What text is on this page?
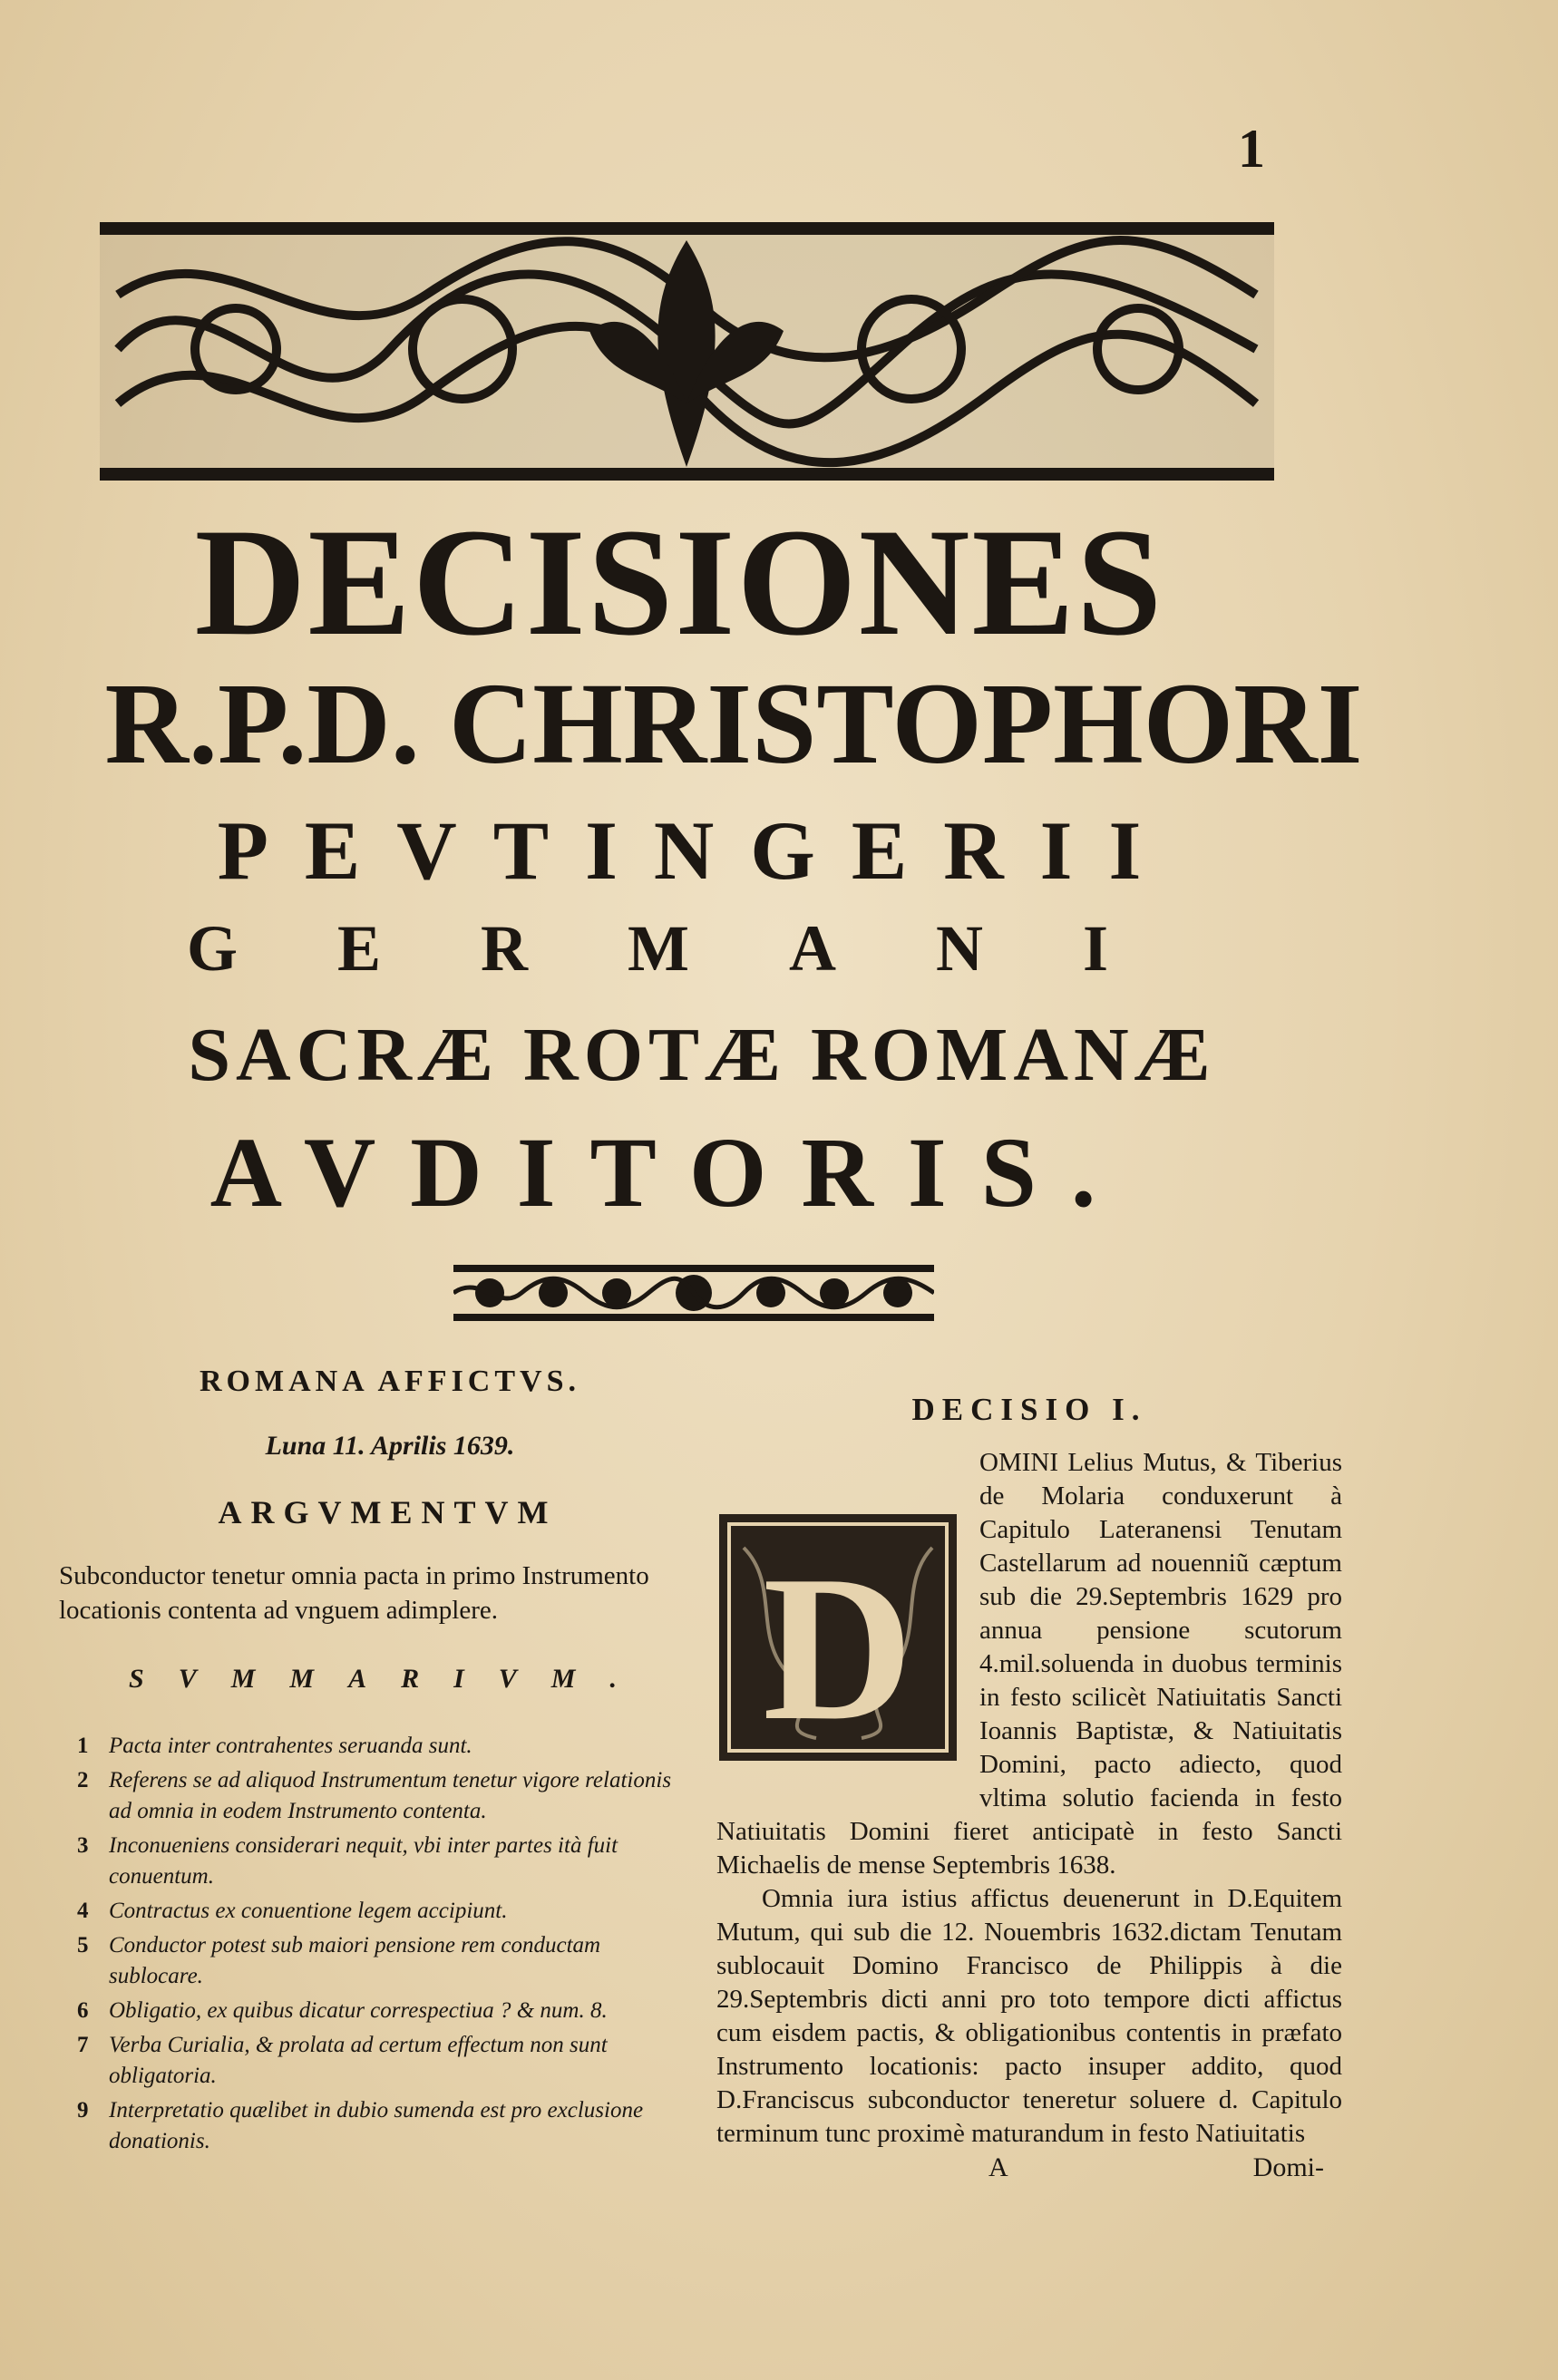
1
DECISIONES
R.P.D. CHRISTOPHORI
PEVTINGERII
GERMANI
SACRÆ ROTÆ ROMANÆ
AVDITORIS.
ROMANA AFFICTVS.
Luna 11. Aprilis 1639.
ARGVMENTVM

Subconductor tenetur omnia pacta in primo Instrumento locationis contenta ad vnguem adimplere.

SVMMARIVM.
1 Pacta inter contrahentes seruanda sunt.
2 Referens se ad aliquod Instrumentum tenetur vigore relationis ad omnia in eodem Instrumento contenta.
3 Inconueniens considerari nequit, vbi inter partes ità fuit conuentum.
4 Contractus ex conuentione legem accipiunt.
5 Conductor potest sub maiori pensione rem conductam sublocare.
6 Obligatio, ex quibus dicatur correspectiua ? & num. 8.
7 Verba Curialia, & prolata ad certum effectum non sunt obligatoria.
9 Interpretatio quælibet in dubio sumenda est pro exclusione donationis.
DECISIO I.
D

OMINI Lelius Mutus, & Tiberius de Molaria conduxerunt à Capitulo Lateranensi Tenutam Castellarum ad nouenniũ cæptum sub die 29.Septembris 1629 pro annua pensione scutorum 4.mil.soluenda in duobus terminis in festo scilicèt Natiuitatis Sancti Ioannis Baptistæ, & Natiuitatis Domini, pacto adiecto, quod vltima solutio facienda in festo Natiuitatis Domini fieret anticipatè in festo Sancti Michaelis de mense Septembris 1638.

Omnia iura istius affictus deuenerunt in D.Equitem Mutum, qui sub die 12. Nouembris 1632.dictam Tenutam sublocauit Domino Francisco de Philippis à die 29.Septembris dicti anni pro toto tempore dicti affictus cum eisdem pactis, & obligationibus contentis in præfato Instrumento locationis: pacto insuper addito, quod D.Franciscus subconductor teneretur soluere d. Capitulo terminum tunc proximè maturandum in festo Natiuitatis

A	Domi-
